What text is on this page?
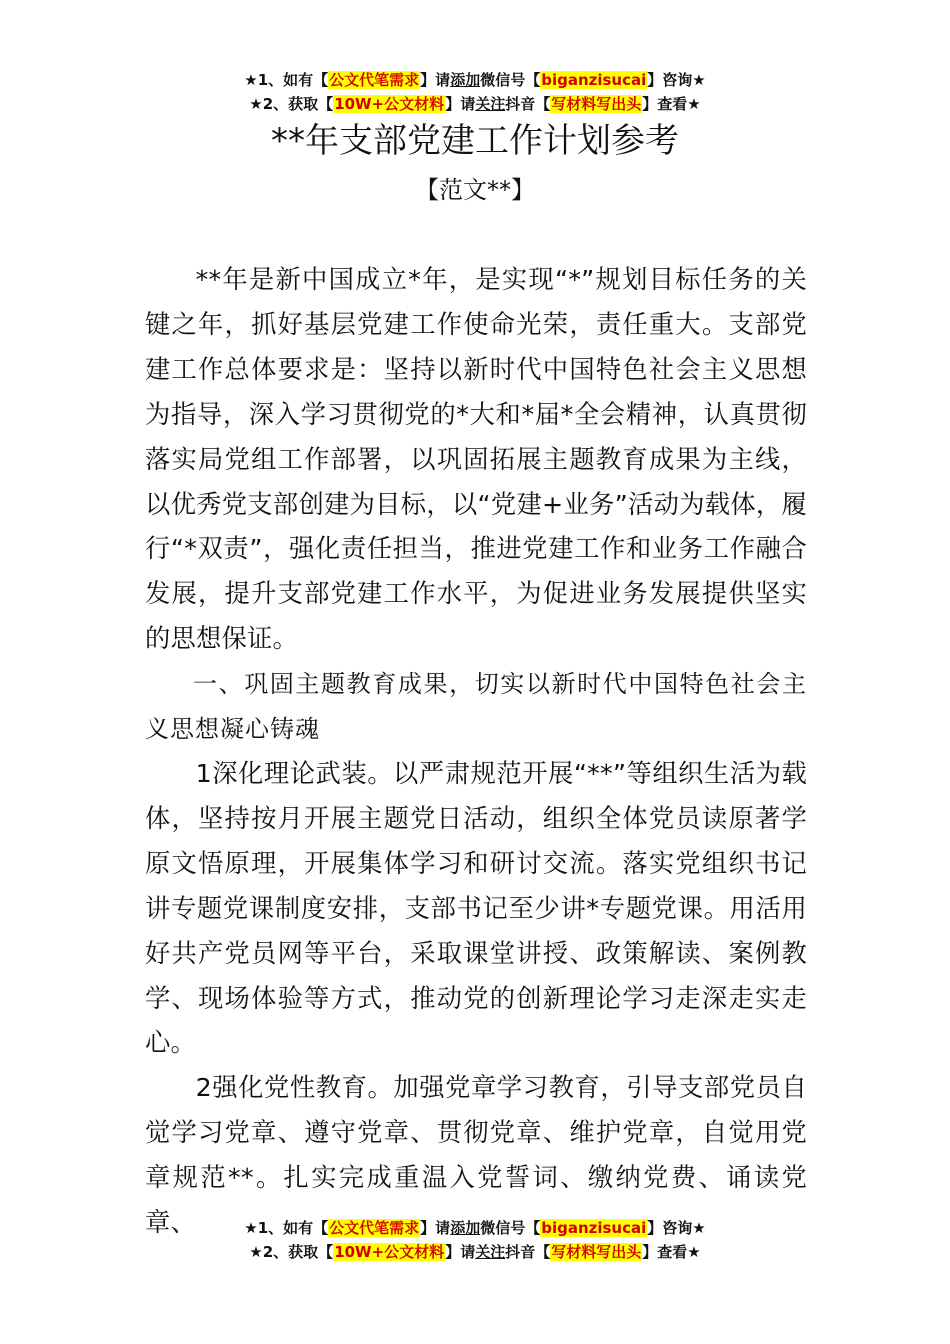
★1、如有【公文代笔需求】请添加微信号【biganzisucai】咨询★
★2、获取【10W+公文材料】请关注抖音【写材料写出头】查看★
**年支部党建工作计划参考
【范文**】

**年是新中国成立*年，是实现“*”规划目标任务的关键之年，抓好基层党建工作使命光荣，责任重大。支部党建工作总体要求是：坚持以新时代中国特色社会主义思想为指导，深入学习贯彻党的*大和*届*全会精神，认真贯彻落实局党组工作部署，以巩固拓展主题教育成果为主线，以优秀党支部创建为目标，以“党建+业务”活动为载体，履行“*双责”，强化责任担当，推进党建工作和业务工作融合发展，提升支部党建工作水平，为促进业务发展提供坚实的思想保证。

一、巩固主题教育成果，切实以新时代中国特色社会主义思想凝心铸魂

1深化理论武装。以严肃规范开展“**”等组织生活为载体，坚持按月开展主题党日活动，组织全体党员读原著学原文悟原理，开展集体学习和研讨交流。落实党组织书记讲专题党课制度安排，支部书记至少讲*专题党课。用活用好共产党员网等平台，采取课堂讲授、政策解读、案例教学、现场体验等方式，推动党的创新理论学习走深走实走心。

2强化党性教育。加强党章学习教育，引导支部党员自觉学习党章、遵守党章、贯彻党章、维护党章，自觉用党章规范**。扎实完成重温入党誓词、缴纳党费、诵读党章、	★1、如有【公文代笔需求】请添加微信号【biganzisucai】咨询★
★2、获取【10W+公文材料】请关注抖音【写材料写出头】查看★
